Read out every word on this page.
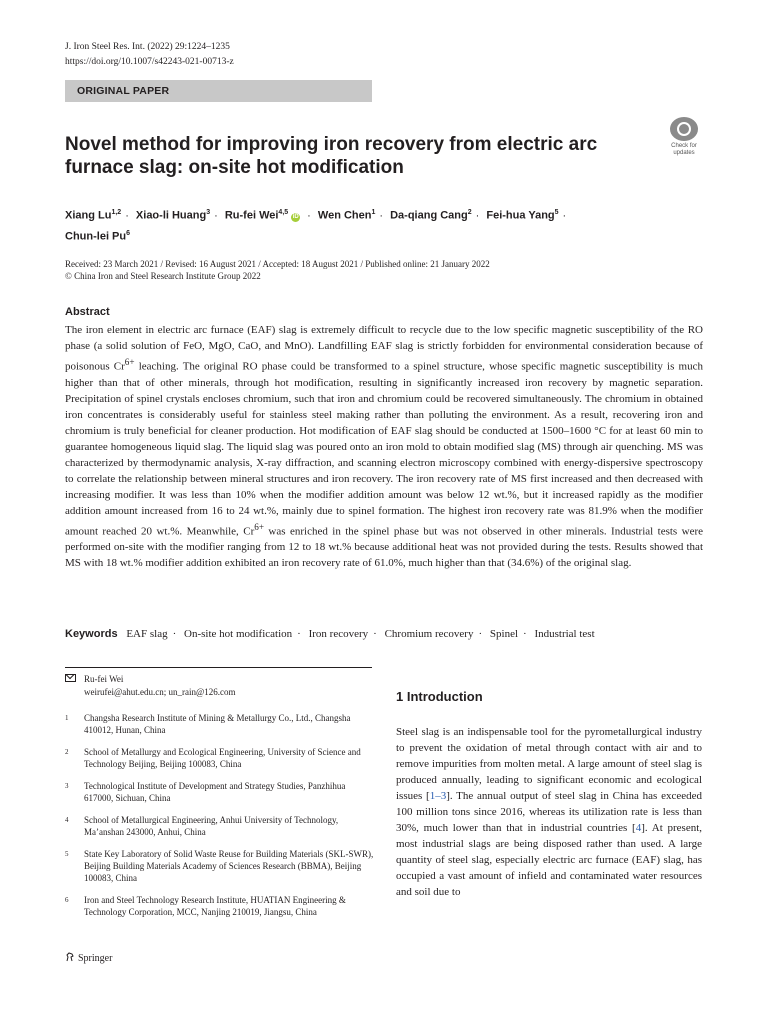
J. Iron Steel Res. Int. (2022) 29:1224–1235
https://doi.org/10.1007/s42243-021-00713-z
ORIGINAL PAPER
Novel method for improving iron recovery from electric arc furnace slag: on-site hot modification
Check for
updates
Xiang Lu$^{1,2}$ · Xiao-li Huang$^3$ · Ru-fei Wei$^{4,5}$iD · Wen Chen$^1$ · Da-qiang Cang$^2$ · Fei-hua Yang$^5$ ·
Chun-lei Pu$^6$
Received: 23 March 2021 / Revised: 16 August 2021 / Accepted: 18 August 2021 / Published online: 21 January 2022
© China Iron and Steel Research Institute Group 2022
Abstract

The iron element in electric arc furnace (EAF) slag is extremely difficult to recycle due to the low specific magnetic susceptibility of the RO phase (a solid solution of FeO, MgO, CaO, and MnO). Landfilling EAF slag is strictly forbidden for environmental consideration because of poisonous $Cr^{6+}$ leaching. The original RO phase could be transformed to a spinel structure, whose specific magnetic susceptibility is much higher than that of other minerals, through hot modification, resulting in significantly increased iron recovery by magnetic separation. Precipitation of spinel crystals encloses chromium, such that iron and chromium could be recovered simultaneously. The chromium in obtained iron concentrates is considerably useful for stainless steel making rather than polluting the environment. As a result, recovering iron and chromium is truly beneficial for cleaner production. Hot modification of EAF slag should be conducted at 1500–1600 °C for at least 60 min to guarantee homogeneous liquid slag. The liquid slag was poured onto an iron mold to obtain modified slag (MS) through air quenching. MS was characterized by thermodynamic analysis, X-ray diffraction, and scanning electron microscopy combined with energy-dispersive spectroscopy to correlate the relationship between mineral structures and iron recovery. The iron recovery rate of MS first increased and then decreased with increasing modifier. It was less than 10% when the modifier addition amount was below 12 wt.%, but it increased rapidly as the modifier addition amount increased from 16 to 24 wt.%, mainly due to spinel formation. The highest iron recovery rate was 81.9% when the modifier amount reached 20 wt.%. Meanwhile, $Cr^{6+}$ was enriched in the spinel phase but was not observed in other minerals. Industrial tests were performed on-site with the modifier ranging from 12 to 18 wt.% because additional heat was not provided during the tests. Results showed that MS with 18 wt.% modifier addition exhibited an iron recovery rate of 61.0%, much higher than that (34.6%) of the original slag.

Keywords EAF slag · On-site hot modification · Iron recovery · Chromium recovery · Spinel · Industrial test
Ru-fei Wei
weirufei@ahut.edu.cn; un_rain@126.com
1	Changsha Research Institute of Mining & Metallurgy Co., Ltd., Changsha 410012, Hunan, China
2	School of Metallurgy and Ecological Engineering, University of Science and Technology Beijing, Beijing 100083, China
3	Technological Institute of Development and Strategy Studies, Panzhihua 617000, Sichuan, China
4	School of Metallurgical Engineering, Anhui University of Technology, Ma’anshan 243000, Anhui, China
5	State Key Laboratory of Solid Waste Reuse for Building Materials (SKL-SWR), Beijing Building Materials Academy of Sciences Research (BBMA), Beijing 100083, China
6	Iron and Steel Technology Research Institute, HUATIAN Engineering & Technology Corporation, MCC, Nanjing 210019, Jiangsu, China
Springer
1 Introduction

Steel slag is an indispensable tool for the pyrometallurgical industry to prevent the oxidation of metal through contact with air and to remove impurities from molten metal. A large amount of steel slag is produced annually, leading to significant economic and ecological issues [1–3]. The annual output of steel slag in China has exceeded 100 million tons since 2016, whereas its utilization rate is less than 30%, much lower than that in industrial countries [4]. At present, most industrial slags are being disposed rather than used. A large quantity of steel slag, especially electric arc furnace (EAF) slag, has occupied a vast amount of infield and contaminated water resources and soil due to
